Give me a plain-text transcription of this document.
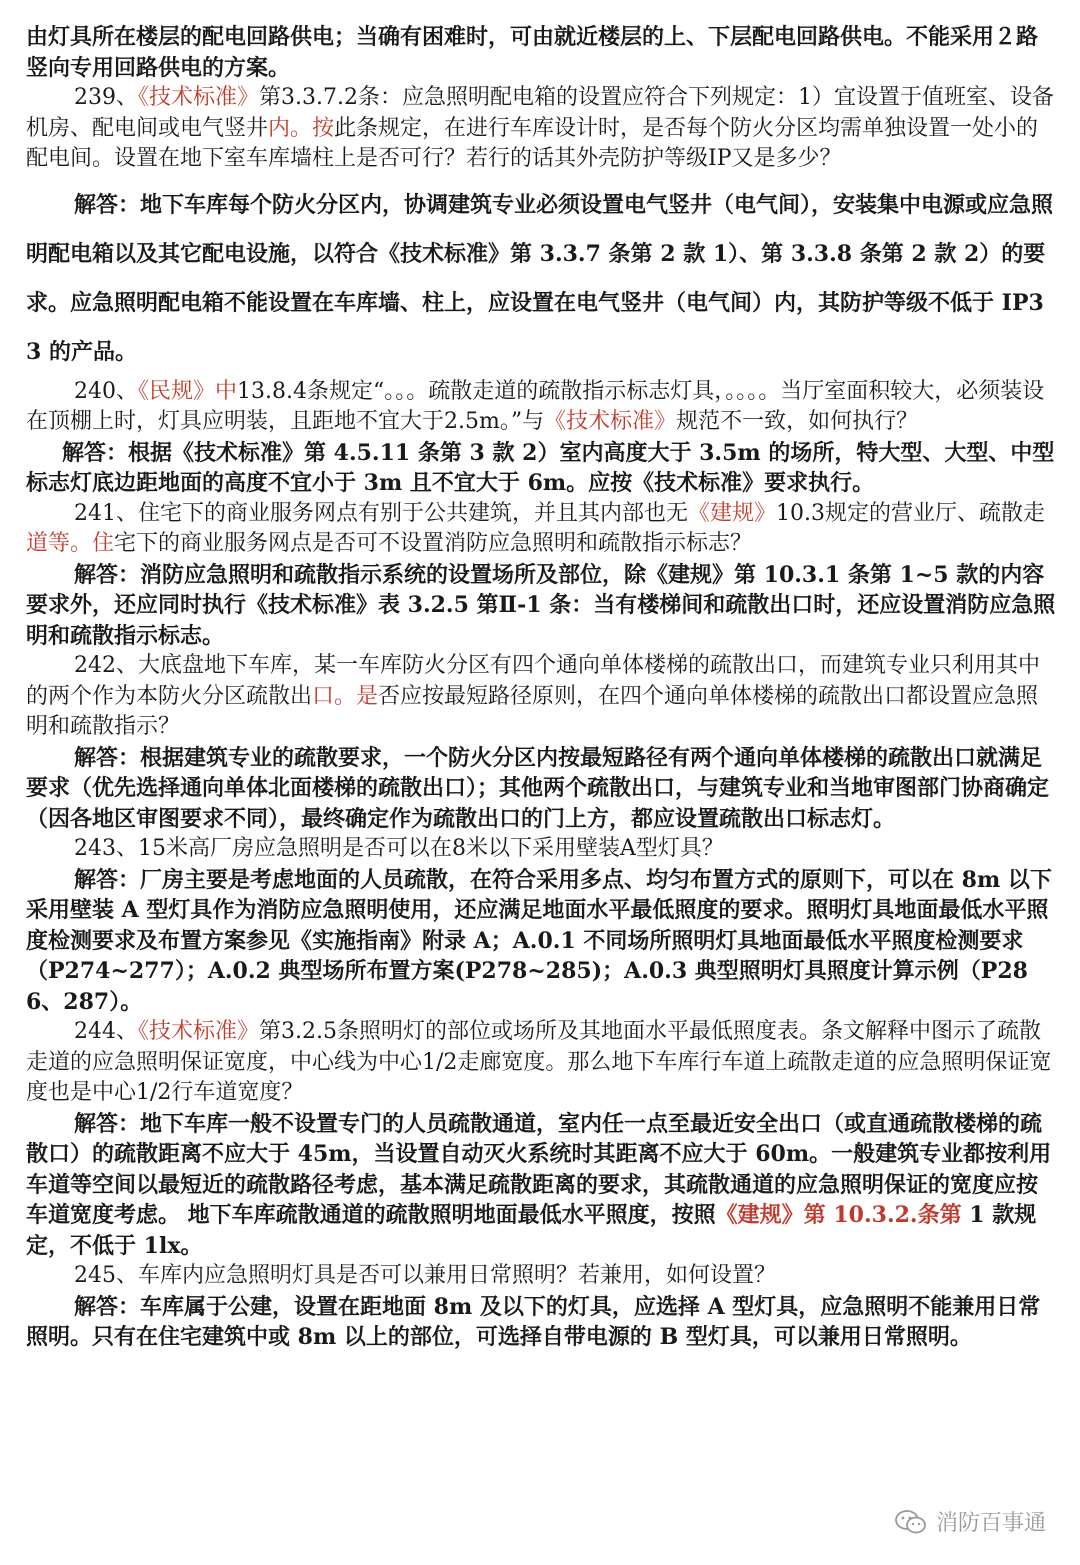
由灯具所在楼层的配电回路供电；当确有困难时，可由就近楼层的上、下层配电回路供电。不能采用２路竖向专用回路供电的方案。

239、《技术标准》第3.3.7.2条：应急照明配电箱的设置应符合下列规定：1）宜设置于值班室、设备机房、配电间或电气竖井内。按此条规定，在进行车库设计时，是否每个防火分区均需单独设置一处小的配电间。设置在地下室车库墙柱上是否可行？若行的话其外壳防护等级IP又是多少？

解答：地下车库每个防火分区内，协调建筑专业必须设置电气竖井（电气间），安装集中电源或应急照明配电箱以及其它配电设施，以符合《技术标准》第 3.3.7 条第 2 款 1）、第 3.3.8 条第 2 款 2）的要求。应急照明配电箱不能设置在车库墙、柱上，应设置在电气竖井（电气间）内，其防护等级不低于 IP33 的产品。

240、《民规》中13.8.4条规定“。。。疏散走道的疏散指示标志灯具，。。。。当厅室面积较大，必须装设在顶棚上时，灯具应明装，且距地不宜大于2.5m。”与《技术标准》规范不一致，如何执行？

解答：根据《技术标准》第 4.5.11 条第 3 款 2）室内高度大于 3.5m 的场所，特大型、大型、中型标志灯底边距地面的高度不宜小于 3m 且不宜大于 6m。应按《技术标准》要求执行。

241、住宅下的商业服务网点有别于公共建筑，并且其内部也无《建规》10.3规定的营业厅、疏散走道等。住宅下的商业服务网点是否可不设置消防应急照明和疏散指示标志？

解答：消防应急照明和疏散指示系统的设置场所及部位，除《建规》第 10.3.1 条第 1~5 款的内容要求外，还应同时执行《技术标准》表 3.2.5 第Ⅱ-1 条：当有楼梯间和疏散出口时，还应设置消防应急照明和疏散指示标志。

242、大底盘地下车库，某一车库防火分区有四个通向单体楼梯的疏散出口，而建筑专业只利用其中的两个作为本防火分区疏散出口。是否应按最短路径原则，在四个通向单体楼梯的疏散出口都设置应急照明和疏散指示？

解答：根据建筑专业的疏散要求，一个防火分区内按最短路径有两个通向单体楼梯的疏散出口就满足要求（优先选择通向单体北面楼梯的疏散出口）；其他两个疏散出口，与建筑专业和当地审图部门协商确定（因各地区审图要求不同），最终确定作为疏散出口的门上方，都应设置疏散出口标志灯。

243、15米高厂房应急照明是否可以在8米以下采用壁装A型灯具？

解答：厂房主要是考虑地面的人员疏散，在符合采用多点、均匀布置方式的原则下，可以在 8m 以下采用壁装 A 型灯具作为消防应急照明使用，还应满足地面水平最低照度的要求。照明灯具地面最低水平照度检测要求及布置方案参见《实施指南》附录 A；A.0.1 不同场所照明灯具地面最低水平照度检测要求（P274~277）；A.0.2 典型场所布置方案(P278~285)；A.0.3 典型照明灯具照度计算示例（P286、287）。

244、《技术标准》第3.2.5条照明灯的部位或场所及其地面水平最低照度表。条文解释中图示了疏散走道的应急照明保证宽度，中心线为中心1/2走廊宽度。那么地下车库行车道上疏散走道的应急照明保证宽度也是中心1/2行车道宽度？

解答：地下车库一般不设置专门的人员疏散通道，室内任一点至最近安全出口（或直通疏散楼梯的疏散口）的疏散距离不应大于 45m，当设置自动灭火系统时其距离不应大于 60m。一般建筑专业都按利用车道等空间以最短近的疏散路径考虑，基本满足疏散距离的要求，其疏散通道的应急照明保证的宽度应按车道宽度考虑。 地下车库疏散通道的疏散照明地面最低水平照度，按照《建规》第 10.3.2.条第 1 款规定，不低于 1lx。

245、车库内应急照明灯具是否可以兼用日常照明？若兼用，如何设置？

解答：车库属于公建，设置在距地面 8m 及以下的灯具，应选择 A 型灯具，应急照明不能兼用日常照明。只有在住宅建筑中或 8m 以上的部位，可选择自带电源的 B 型灯具，可以兼用日常照明。

消防百事通
